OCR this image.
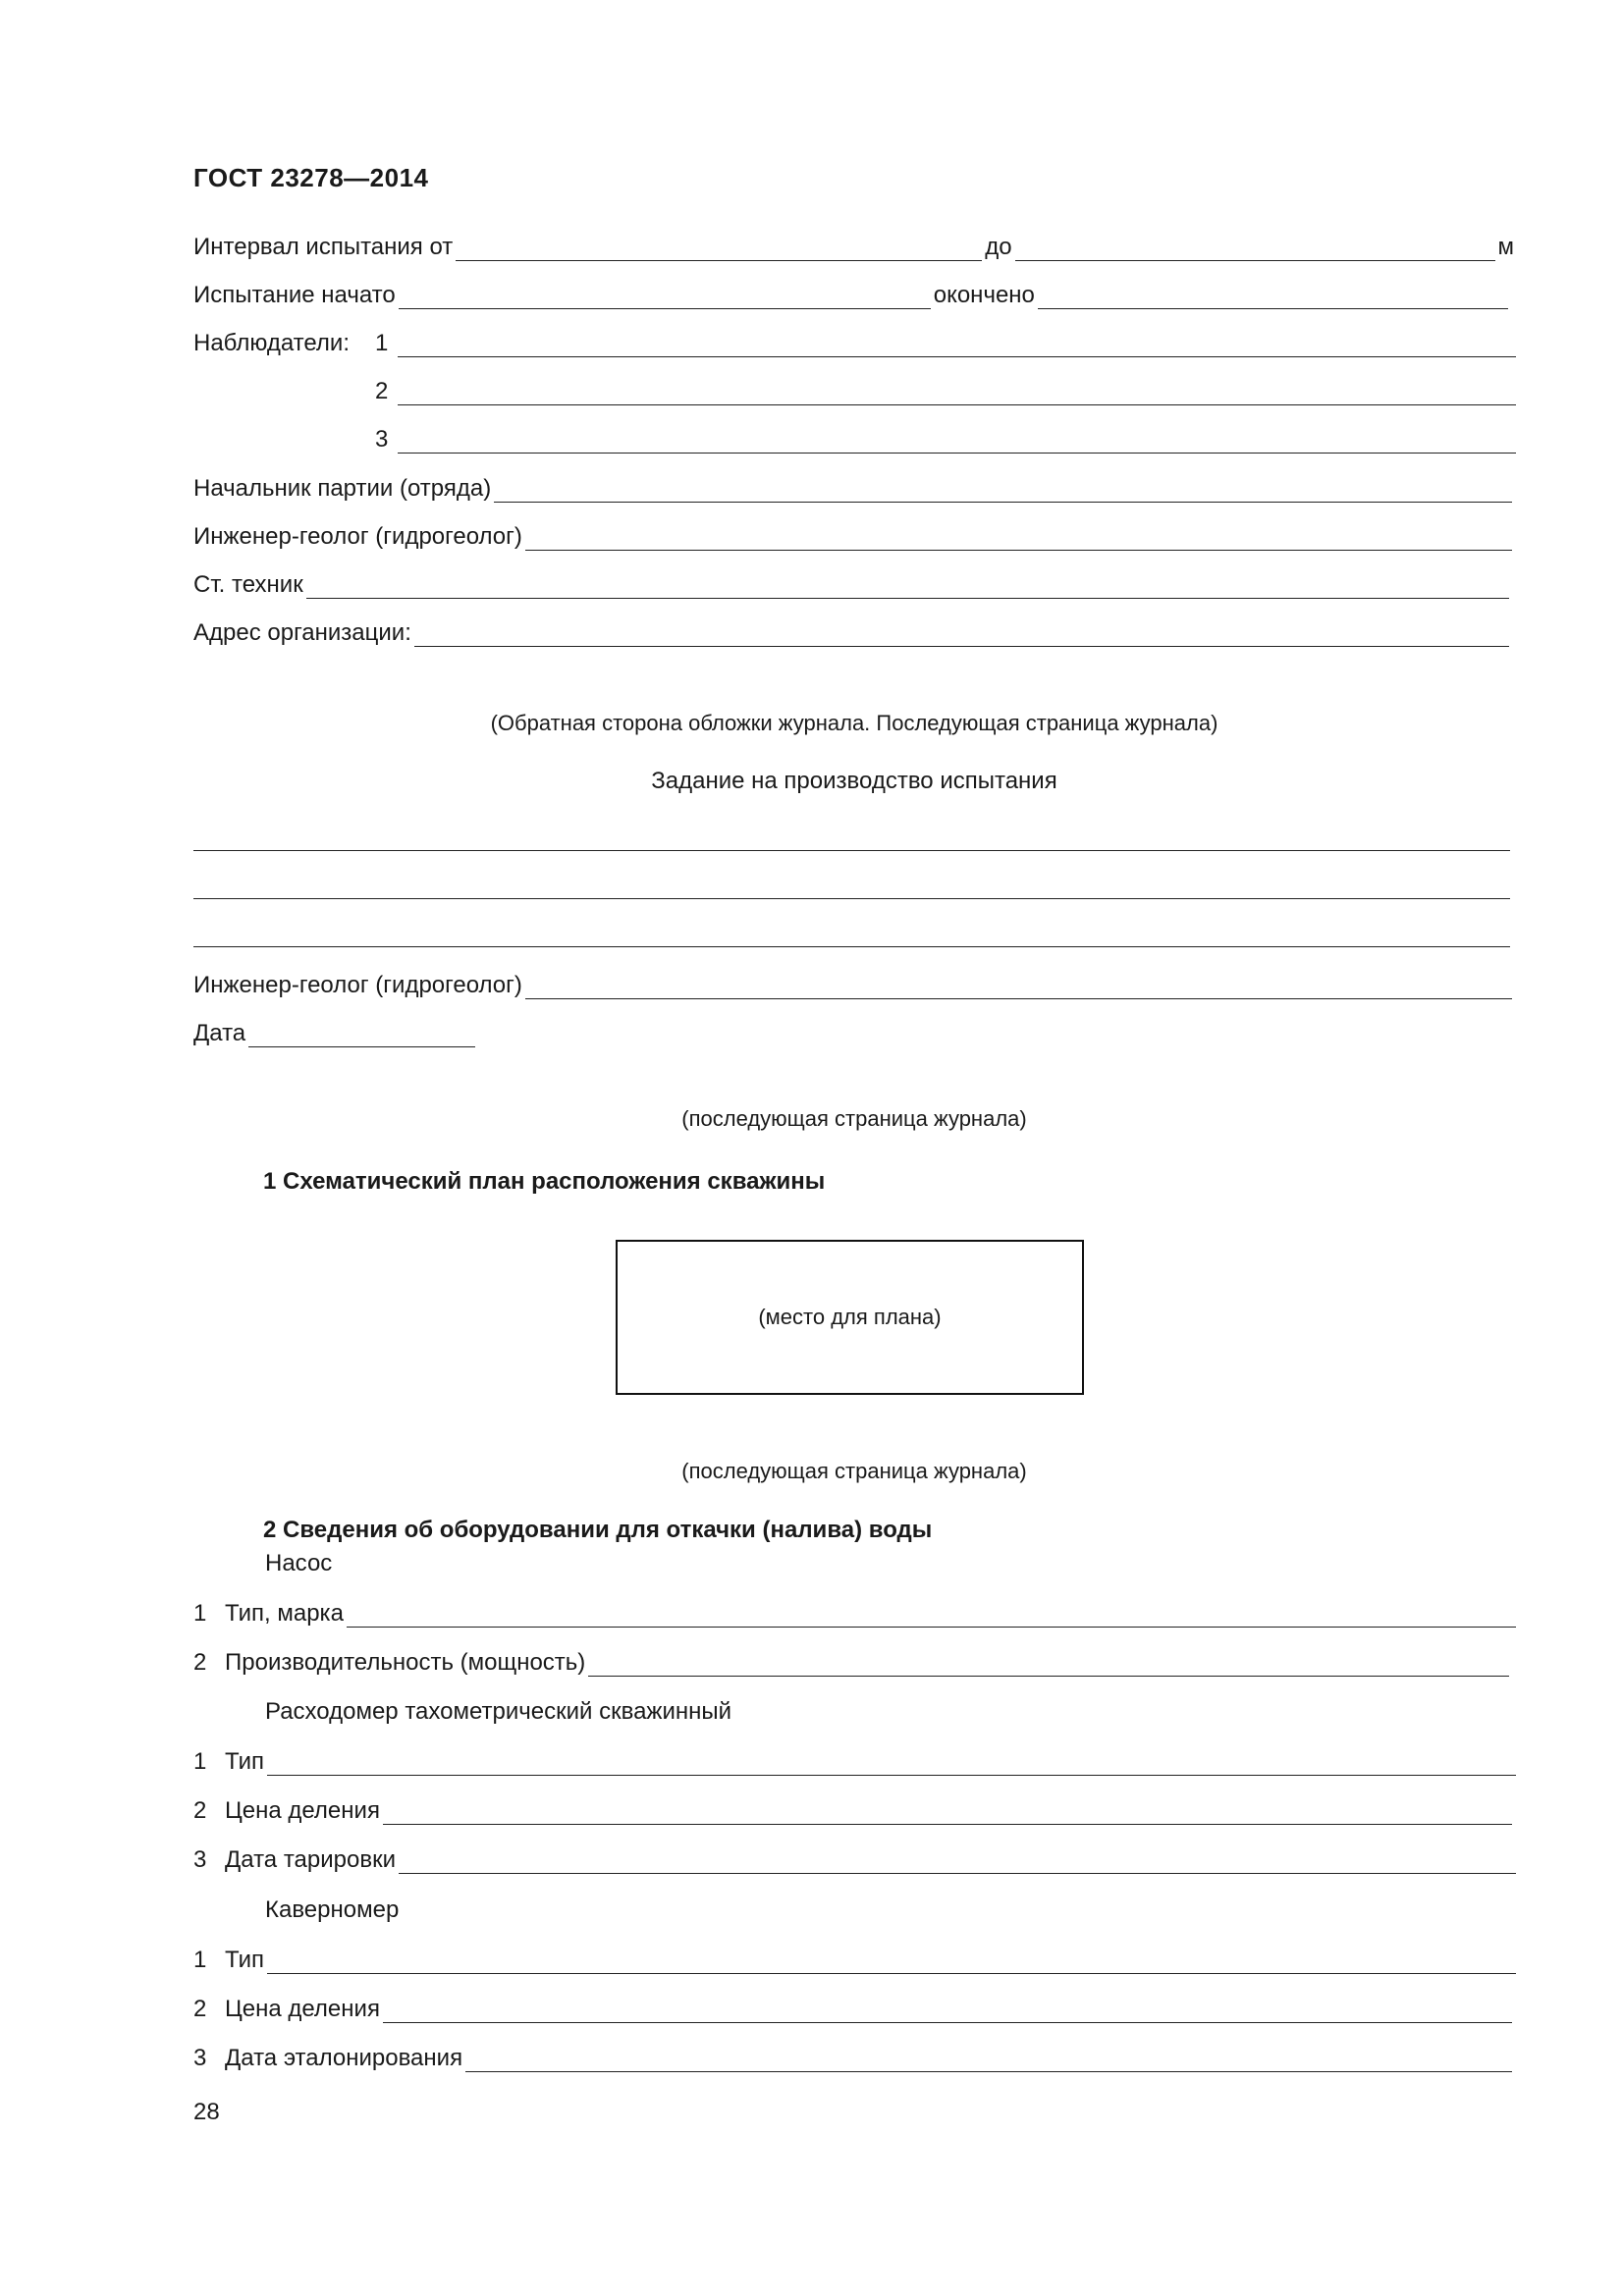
ГОСТ 23278—2014
Интервал испытания от	до	м
Испытание начато	окончено
Наблюдатели:	1
2
3
Начальник партии (отряда)
Инженер-геолог (гидрогеолог)
Ст. техник
Адрес организации:
(Обратная сторона обложки журнала. Последующая страница журнала)
Задание на производство испытания
Инженер-геолог (гидрогеолог)
Дата
(последующая страница журнала)
1 Схематический план расположения скважины
(место для плана)
(последующая страница журнала)
2 Сведения об оборудовании для откачки (налива) воды
Насос
1 Тип, марка
2 Производительность (мощность)
Расходомер тахометрический скважинный
1 Тип
2 Цена деления
3 Дата тарировки
Каверномер
1 Тип
2 Цена деления
3 Дата эталонирования
28
